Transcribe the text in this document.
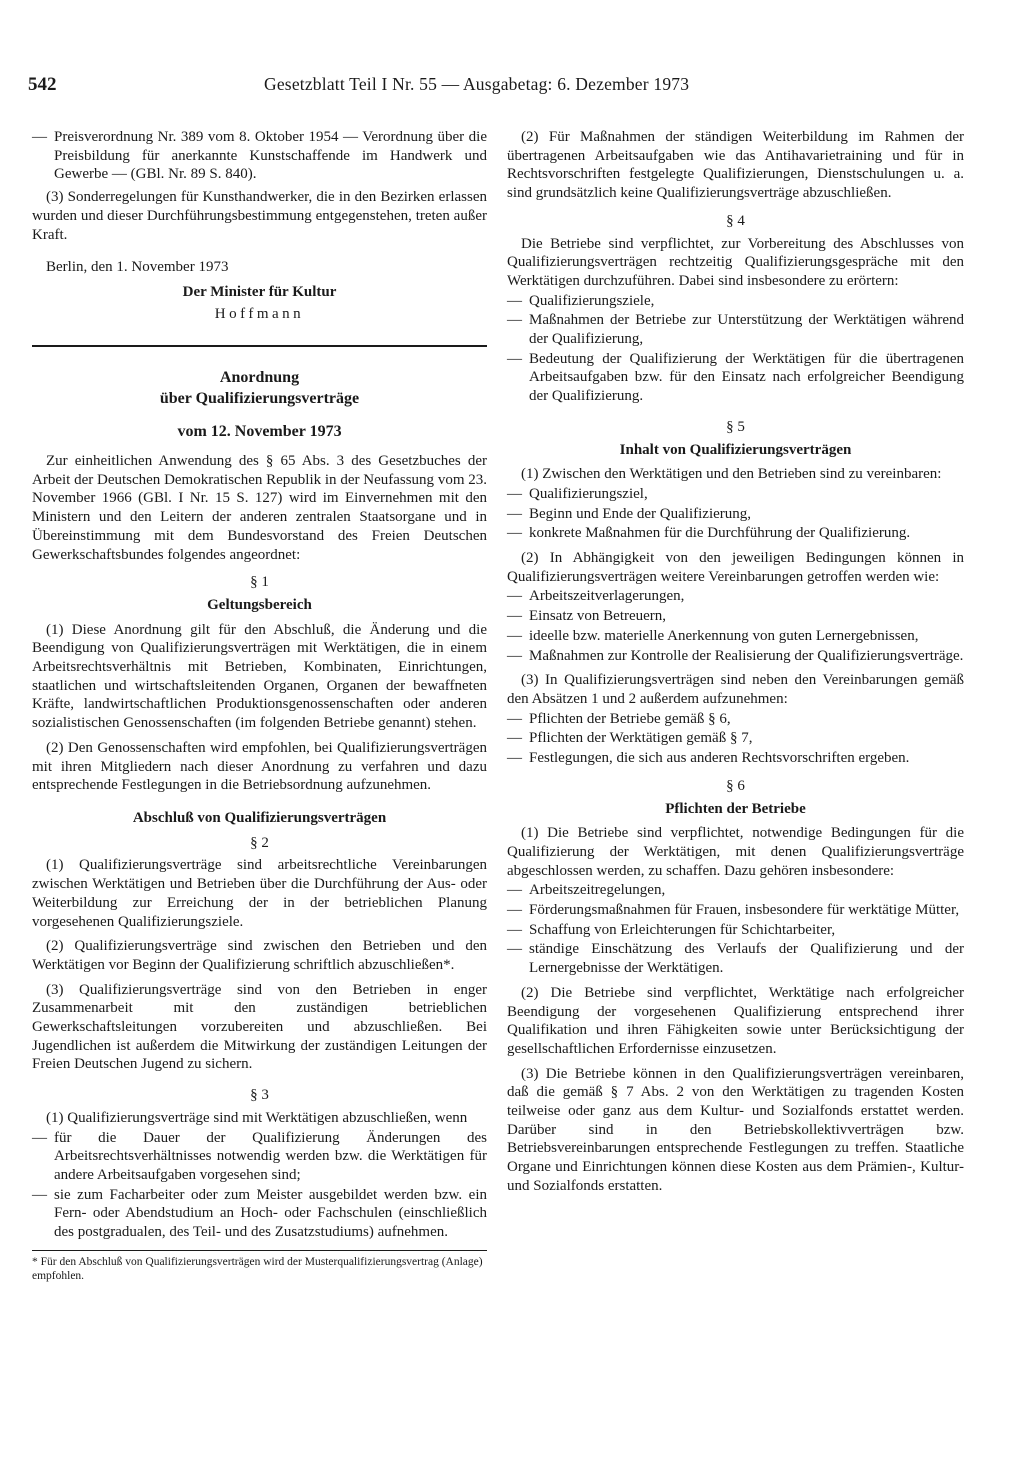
542	Gesetzblatt Teil I Nr. 55 — Ausgabetag: 6. Dezember 1973
— Preisverordnung Nr. 389 vom 8. Oktober 1954 — Verordnung über die Preisbildung für anerkannte Kunstschaffende im Handwerk und Gewerbe — (GBl. Nr. 89 S. 840).

(3) Sonderregelungen für Kunsthandwerker, die in den Bezirken erlassen wurden und dieser Durchführungsbestimmung entgegenstehen, treten außer Kraft.

Berlin, den 1. November 1973

Der Minister für Kultur
Hoffmann
Anordnung
über Qualifizierungsverträge
vom 12. November 1973

Zur einheitlichen Anwendung des § 65 Abs. 3 des Gesetzbuches der Arbeit der Deutschen Demokratischen Republik in der Neufassung vom 23. November 1966 (GBl. I Nr. 15 S. 127) wird im Einvernehmen mit den Ministern und den Leitern der anderen zentralen Staatsorgane und in Übereinstimmung mit dem Bundesvorstand des Freien Deutschen Gewerkschaftsbundes folgendes angeordnet:

§ 1
Geltungsbereich

(1) Diese Anordnung gilt für den Abschluß, die Änderung und die Beendigung von Qualifizierungsverträgen mit Werktätigen, die in einem Arbeitsrechtsverhältnis mit Betrieben, Kombinaten, Einrichtungen, staatlichen und wirtschaftsleitenden Organen, Organen der bewaffneten Kräfte, landwirtschaftlichen Produktionsgenossenschaften oder anderen sozialistischen Genossenschaften (im folgenden Betriebe genannt) stehen.

(2) Den Genossenschaften wird empfohlen, bei Qualifizierungsverträgen mit ihren Mitgliedern nach dieser Anordnung zu verfahren und dazu entsprechende Festlegungen in die Betriebsordnung aufzunehmen.

Abschluß von Qualifizierungsverträgen
§ 2

(1) Qualifizierungsverträge sind arbeitsrechtliche Vereinbarungen zwischen Werktätigen und Betrieben über die Durchführung der Aus- oder Weiterbildung zur Erreichung der in der betrieblichen Planung vorgesehenen Qualifizierungsziele.

(2) Qualifizierungsverträge sind zwischen den Betrieben und den Werktätigen vor Beginn der Qualifizierung schriftlich abzuschließen*.

(3) Qualifizierungsverträge sind von den Betrieben in enger Zusammenarbeit mit den zuständigen betrieblichen Gewerkschaftsleitungen vorzubereiten und abzuschließen. Bei Jugendlichen ist außerdem die Mitwirkung der zuständigen Leitungen der Freien Deutschen Jugend zu sichern.

§ 3

(1) Qualifizierungsverträge sind mit Werktätigen abzuschließen, wenn

— für die Dauer der Qualifizierung Änderungen des Arbeitsrechtsverhältnisses notwendig werden bzw. die Werktätigen für andere Arbeitsaufgaben vorgesehen sind;
— sie zum Facharbeiter oder zum Meister ausgebildet werden bzw. ein Fern- oder Abendstudium an Hoch- oder Fachschulen (einschließlich des postgradualen, des Teil- und des Zusatzstudiums) aufnehmen.
* Für den Abschluß von Qualifizierungsverträgen wird der Musterqualifizierungsvertrag (Anlage) empfohlen.

(2) Für Maßnahmen der ständigen Weiterbildung im Rahmen der übertragenen Arbeitsaufgaben wie das Antihavarietraining und für in Rechtsvorschriften festgelegte Qualifizierungen, Dienstschulungen u. a. sind grundsätzlich keine Qualifizierungsverträge abzuschließen.

§ 4

Die Betriebe sind verpflichtet, zur Vorbereitung des Abschlusses von Qualifizierungsverträgen rechtzeitig Qualifizierungsgespräche mit den Werktätigen durchzuführen. Dabei sind insbesondere zu erörtern:

— Qualifizierungsziele,
— Maßnahmen der Betriebe zur Unterstützung der Werktätigen während der Qualifizierung,
— Bedeutung der Qualifizierung der Werktätigen für die übertragenen Arbeitsaufgaben bzw. für den Einsatz nach erfolgreicher Beendigung der Qualifizierung.
§ 5
Inhalt von Qualifizierungsverträgen

(1) Zwischen den Werktätigen und den Betrieben sind zu vereinbaren:

— Qualifizierungsziel,
— Beginn und Ende der Qualifizierung,
— konkrete Maßnahmen für die Durchführung der Qualifizierung.

(2) In Abhängigkeit von den jeweiligen Bedingungen können in Qualifizierungsverträgen weitere Vereinbarungen getroffen werden wie:

— Arbeitszeitverlagerungen,
— Einsatz von Betreuern,
— ideelle bzw. materielle Anerkennung von guten Lernergebnissen,
— Maßnahmen zur Kontrolle der Realisierung der Qualifizierungsverträge.

(3) In Qualifizierungsverträgen sind neben den Vereinbarungen gemäß den Absätzen 1 und 2 außerdem aufzunehmen:

— Pflichten der Betriebe gemäß § 6,
— Pflichten der Werktätigen gemäß § 7,
— Festlegungen, die sich aus anderen Rechtsvorschriften ergeben.
§ 6
Pflichten der Betriebe

(1) Die Betriebe sind verpflichtet, notwendige Bedingungen für die Qualifizierung der Werktätigen, mit denen Qualifizierungsverträge abgeschlossen werden, zu schaffen. Dazu gehören insbesondere:

— Arbeitszeitregelungen,
— Förderungsmaßnahmen für Frauen, insbesondere für werktätige Mütter,
— Schaffung von Erleichterungen für Schichtarbeiter,
— ständige Einschätzung des Verlaufs der Qualifizierung und der Lernergebnisse der Werktätigen.

(2) Die Betriebe sind verpflichtet, Werktätige nach erfolgreicher Beendigung der vorgesehenen Qualifizierung entsprechend ihrer Qualifikation und ihren Fähigkeiten sowie unter Berücksichtigung der gesellschaftlichen Erfordernisse einzusetzen.

(3) Die Betriebe können in den Qualifizierungsverträgen vereinbaren, daß die gemäß § 7 Abs. 2 von den Werktätigen zu tragenden Kosten teilweise oder ganz aus dem Kultur- und Sozialfonds erstattet werden. Darüber sind in den Betriebskollektivverträgen bzw. Betriebsvereinbarungen entsprechende Festlegungen zu treffen. Staatliche Organe und Einrichtungen können diese Kosten aus dem Prämien-, Kultur- und Sozialfonds erstatten.
